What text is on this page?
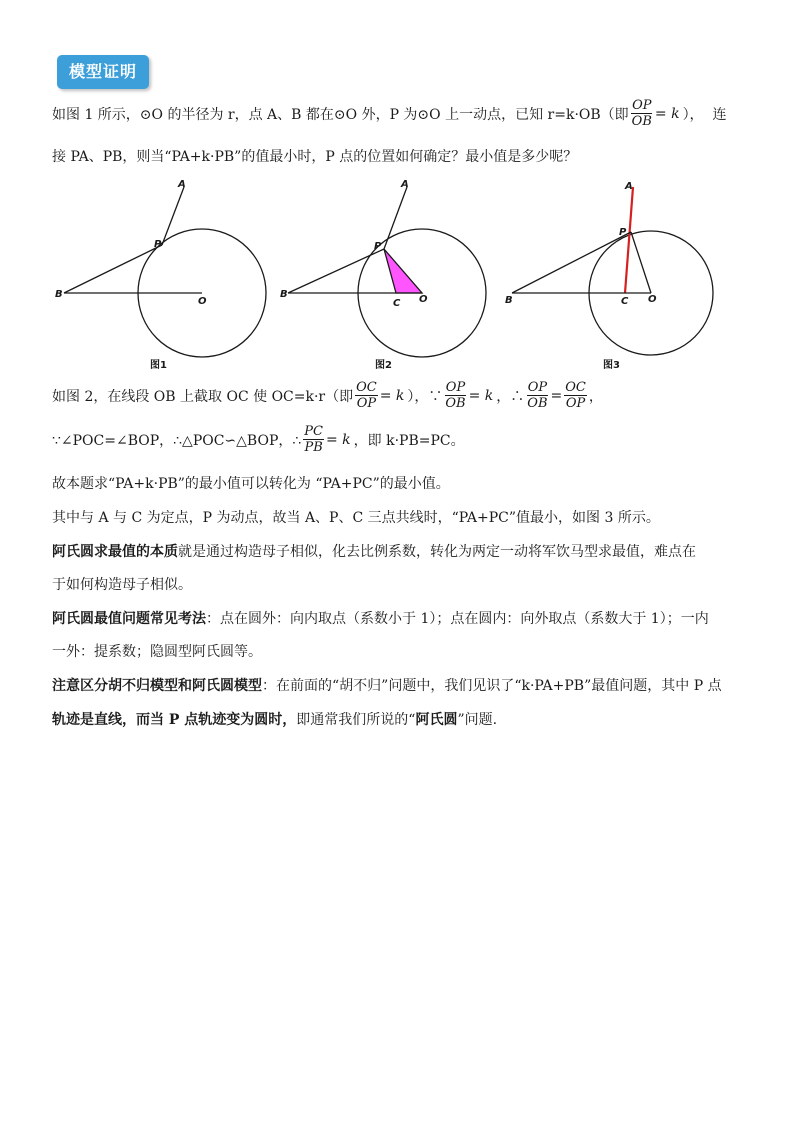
模型证明
如图 1 所示，⊙O 的半径为 r，点 A、B 都在⊙O 外，P 为⊙O 上一动点，已知 r=k·OB（即 $\frac{OP}{OB} = k$ ），  连
接 PA、PB，则当“PA+k·PB”的值最小时，P 点的位置如何确定？最小值是多少呢？
A
P
B
O
图1
A
P
B
C O
图2
A
P
B	C O
图3
如图 2，在线段 OB 上截取 OC 使 OC=k·r（即 $\frac{OC}{OP} = k$ ），∵ $\frac{OP}{OB} = k$ ，∴ $\frac{OP}{OB} = \frac{OC}{OP}$ ，
∵∠POC=∠BOP，∴△POC∽△BOP，∴ $\frac{PC}{PB} = k$ ，即 k·PB=PC。
故本题求“PA+k·PB”的最小值可以转化为 “PA+PC”的最小值。
其中与 A 与 C 为定点，P 为动点，故当 A、P、C 三点共线时，“PA+PC”值最小，如图 3 所示。
阿氏圆求最值的本质 就是通过构造母子相似，化去比例系数，转化为两定一动将军饮马型求最值，难点在
于如何构造母子相似。
阿氏圆最值问题常见考法 ：点在圆外：向内取点（系数小于 1）；点在圆内：向外取点（系数大于 1）；一内
一外：提系数；隐圆型阿氏圆等。
注意区分胡不归模型和阿氏圆模型 ：在前面的“胡不归”问题中，我们见识了“k·PA+PB”最值问题，其中 P 点
轨迹是直线，而当 P 点轨迹变为圆时， 即通常我们所说的“ 阿氏圆 ”问题.
